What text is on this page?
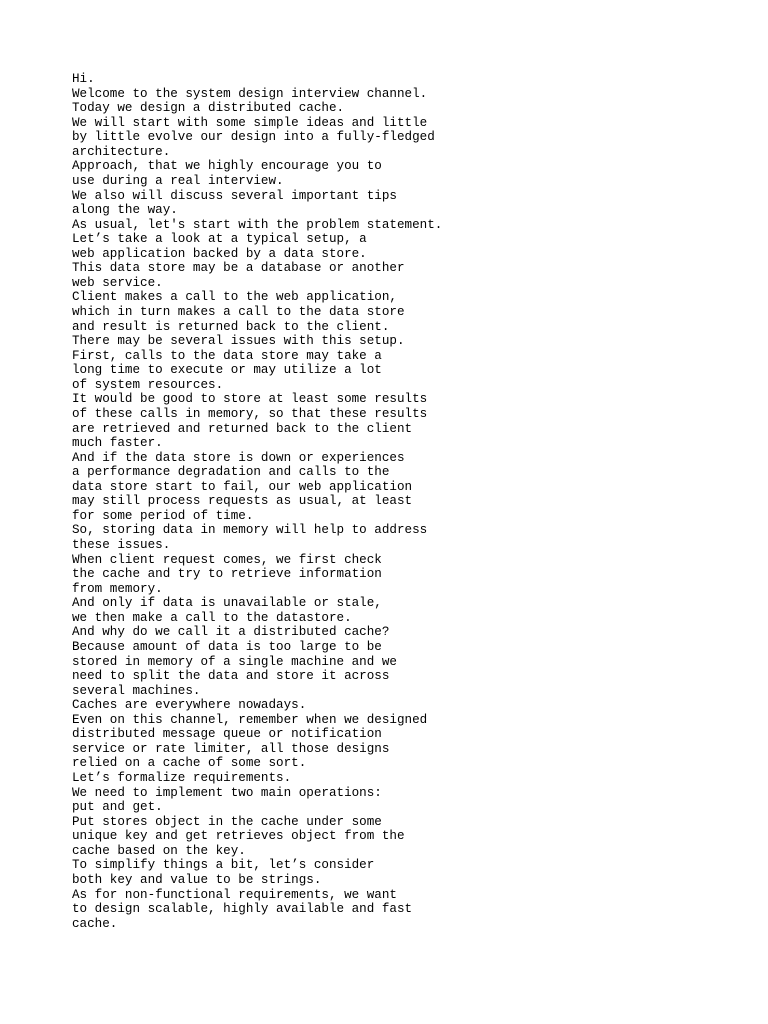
Hi.
Welcome to the system design interview channel.
Today we design a distributed cache.
We will start with some simple ideas and little
by little evolve our design into a fully-fledged
architecture.
Approach, that we highly encourage you to
use during a real interview.
We also will discuss several important tips
along the way.
As usual, let's start with the problem statement.
Let’s take a look at a typical setup, a
web application backed by a data store.
This data store may be a database or another
web service.
Client makes a call to the web application,
which in turn makes a call to the data store
and result is returned back to the client.
There may be several issues with this setup.
First, calls to the data store may take a
long time to execute or may utilize a lot
of system resources.
It would be good to store at least some results
of these calls in memory, so that these results
are retrieved and returned back to the client
much faster.
And if the data store is down or experiences
a performance degradation and calls to the
data store start to fail, our web application
may still process requests as usual, at least
for some period of time.
So, storing data in memory will help to address
these issues.
When client request comes, we first check
the cache and try to retrieve information
from memory.
And only if data is unavailable or stale,
we then make a call to the datastore.
And why do we call it a distributed cache?
Because amount of data is too large to be
stored in memory of a single machine and we
need to split the data and store it across
several machines.
Caches are everywhere nowadays.
Even on this channel, remember when we designed
distributed message queue or notification
service or rate limiter, all those designs
relied on a cache of some sort.
Let’s formalize requirements.
We need to implement two main operations:
put and get.
Put stores object in the cache under some
unique key and get retrieves object from the
cache based on the key.
To simplify things a bit, let’s consider
both key and value to be strings.
As for non-functional requirements, we want
to design scalable, highly available and fast
cache.
